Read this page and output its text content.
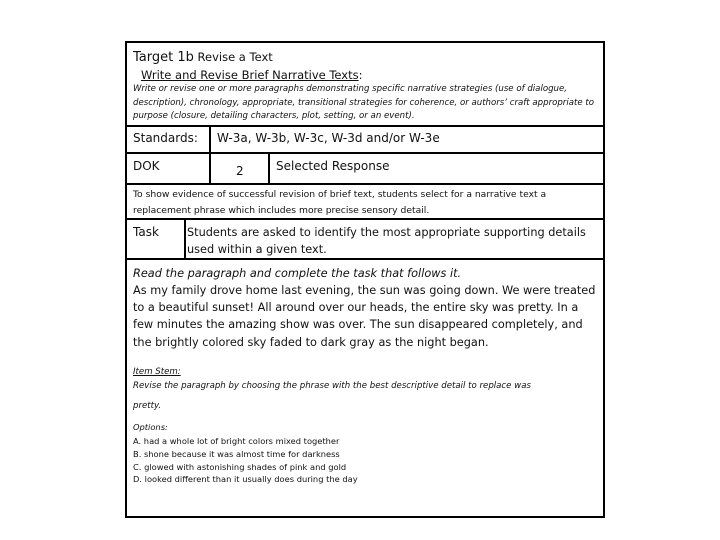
Target 1b Revise a Text
Write and Revise Brief Narrative Texts:
Write or revise one or more paragraphs demonstrating specific narrative strategies (use of dialogue, description), chronology, appropriate, transitional strategies for coherence, or authors’ craft appropriate to purpose (closure, detailing characters, plot, setting, or an event).
Standards: W-3a, W-3b, W-3c, W-3d and/or W-3e
DOK	2	Selected Response
To show evidence of successful revision of brief text, students select for a narrative text a replacement phrase which includes more precise sensory detail.
Task Students are asked to identify the most appropriate supporting details used within a given text.
Read the paragraph and complete the task that follows it.
As my family drove home last evening, the sun was going down. We were treated to a beautiful sunset! All around over our heads, the entire sky was pretty. In a few minutes the amazing show was over. The sun disappeared completely, and the brightly colored sky faded to dark gray as the night began.
Item Stem:
Revise the paragraph by choosing the phrase with the best descriptive detail to replace was
pretty.
Options:
A. had a whole lot of bright colors mixed together
B. shone because it was almost time for darkness
C. glowed with astonishing shades of pink and gold
D. looked different than it usually does during the day
